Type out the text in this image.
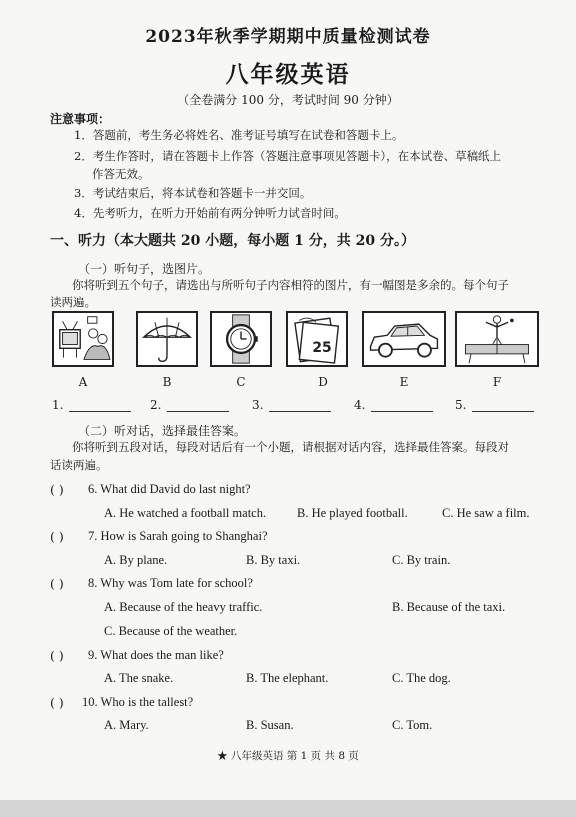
2023年秋季学期期中质量检测试卷
八年级英语
（全卷满分 100 分，考试时间 90 分钟）
注意事项：
1．答题前，考生务必将姓名、准考证号填写在试卷和答题卡上。
2．考生作答时，请在答题卡上作答（答题注意事项见答题卡），在本试卷、草稿纸上
作答无效。
3．考试结束后，将本试卷和答题卡一并交回。
4．先考听力，在听力开始前有两分钟听力试音时间。
一、听力（本大题共 20 小题，每小题 1 分，共 20 分。）
（一）听句子，选图片。
你将听到五个句子，请选出与所听句子内容相符的图片，有一幅图是多余的。每个句子
读两遍。
25
A	B	C	D	E	F
1.	2.	3.	4.	5.
（二）听对话，选择最佳答案。
你将听到五段对话，每段对话后有一个小题，请根据对话内容，选择最佳答案。每段对
话读两遍。
( ) 6. What did David do last night?
A. He watched a football match. B. He played football.	C. He saw a film.
( ) 7. How is Sarah going to Shanghai?
A. By plane.	B. By taxi.	C. By train.
( ) 8. Why was Tom late for school?
A. Because of the heavy traffic.	B. Because of the taxi.
C. Because of the weather.
( ) 9. What does the man like?
A. The snake.	B. The elephant.	C. The dog.
( ) 10. Who is the tallest?
A. Mary.	B. Susan.	C. Tom.
★ 八年级英语 第 1 页 共 8 页
